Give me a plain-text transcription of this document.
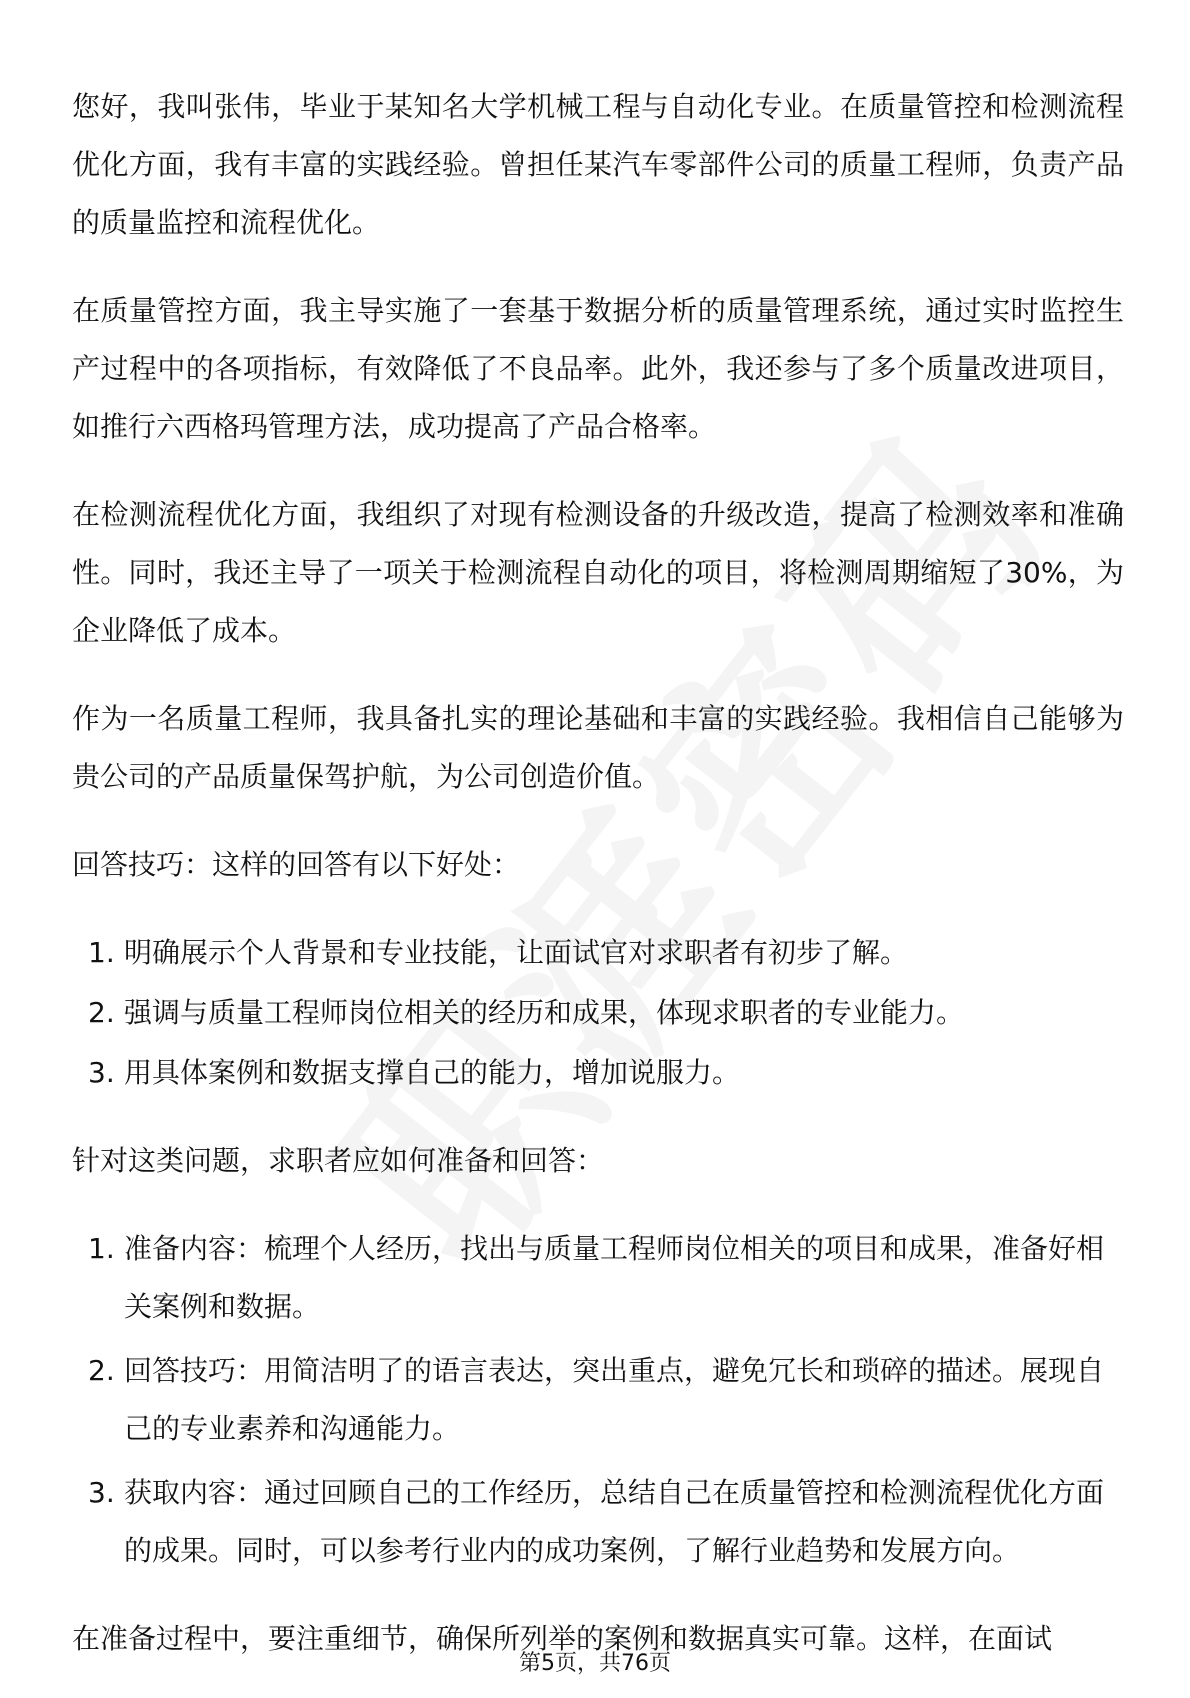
您好，我叫张伟，毕业于某知名大学机械工程与自动化专业。在质量管控和检测流程优化方面，我有丰富的实践经验。曾担任某汽车零部件公司的质量工程师，负责产品的质量监控和流程优化。

在质量管控方面，我主导实施了一套基于数据分析的质量管理系统，通过实时监控生产过程中的各项指标，有效降低了不良品率。此外，我还参与了多个质量改进项目，如推行六西格玛管理方法，成功提高了产品合格率。

在检测流程优化方面，我组织了对现有检测设备的升级改造，提高了检测效率和准确性。同时，我还主导了一项关于检测流程自动化的项目，将检测周期缩短了30%，为企业降低了成本。

作为一名质量工程师，我具备扎实的理论基础和丰富的实践经验。我相信自己能够为贵公司的产品质量保驾护航，为公司创造价值。

回答技巧：这样的回答有以下好处：

1. 明确展示个人背景和专业技能，让面试官对求职者有初步了解。
2. 强调与质量工程师岗位相关的经历和成果，体现求职者的专业能力。
3. 用具体案例和数据支撑自己的能力，增加说服力。

针对这类问题，求职者应如何准备和回答：

1. 准备内容：梳理个人经历，找出与质量工程师岗位相关的项目和成果，准备好相关案例和数据。
2. 回答技巧：用简洁明了的语言表达，突出重点，避免冗长和琐碎的描述。展现自己的专业素养和沟通能力。
3. 获取内容：通过回顾自己的工作经历，总结自己在质量管控和检测流程优化方面的成果。同时，可以参考行业内的成功案例，了解行业趋势和发展方向。

在准备过程中，要注重细节，确保所列举的案例和数据真实可靠。这样，在面试

第5页，共76页
